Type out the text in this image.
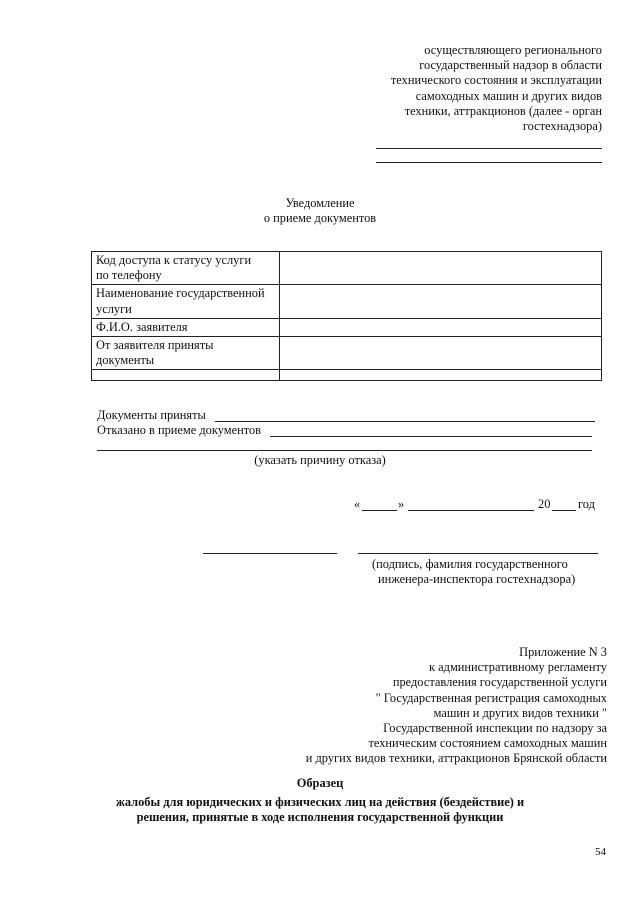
осуществляющего регионального
государственный надзор в области
технического состояния и эксплуатации
самоходных машин и других видов
техники, аттракционов (далее - орган
гостехнадзора)
Уведомление
о приеме документов
Код доступа к статусу услуги
по телефону	

Наименование государственной
услуги	

Ф.И.О. заявителя	

От заявителя приняты
документы	

Документы приняты
Отказано в приеме документов
(указать причину отказа)
«	»	20 год
(подпись, фамилия государственного
инженера-инспектора гостехнадзора)
Приложение N 3
к административному регламенту
предоставления государственной услуги
" Государственная регистрация самоходных
машин и других видов техники "
Государственной инспекции по надзору за
техническим состоянием самоходных машин
и других видов техники, аттракционов Брянской области
Образец
жалобы для юридических и физических лиц на действия (бездействие) и
решения, принятые в ходе исполнения государственной функции
54
